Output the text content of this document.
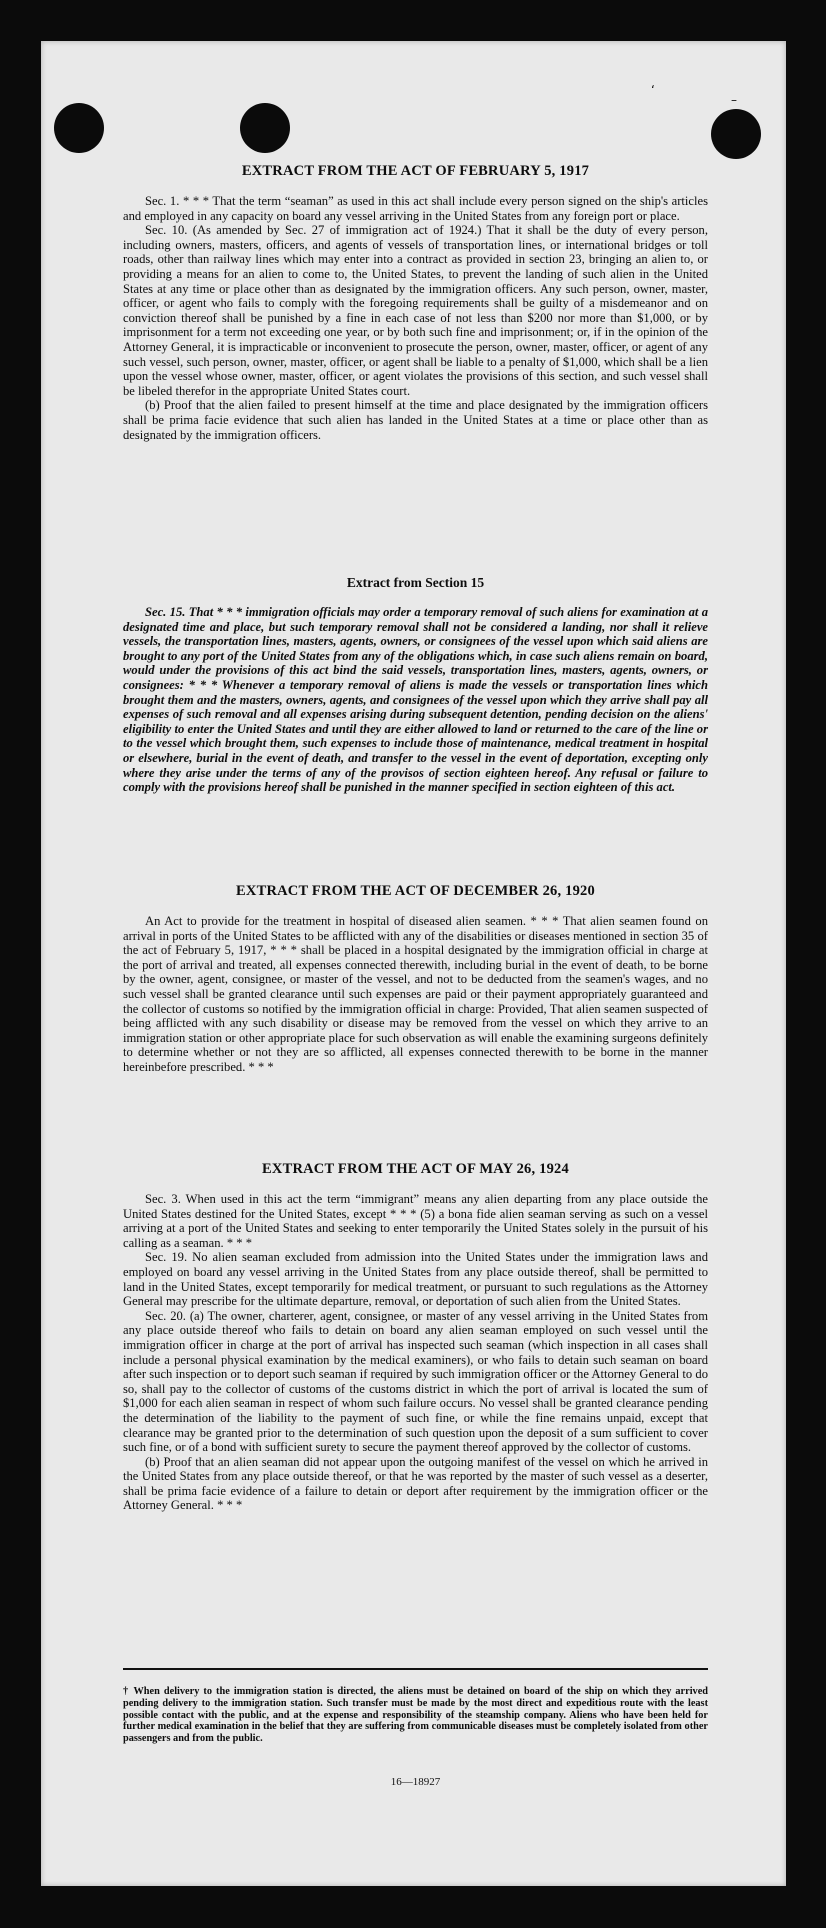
‘
–

EXTRACT FROM THE ACT OF FEBRUARY 5, 1917

Sec. 1. * * * That the term “seaman” as used in this act shall include every person signed on the ship's articles and employed in any capacity on board any vessel arriving in the United States from any foreign port or place.

Sec. 10. (As amended by Sec. 27 of immigration act of 1924.) That it shall be the duty of every person, including owners, masters, officers, and agents of vessels of transportation lines, or international bridges or toll roads, other than railway lines which may enter into a contract as provided in section 23, bringing an alien to, or providing a means for an alien to come to, the United States, to prevent the landing of such alien in the United States at any time or place other than as designated by the immigration officers. Any such person, owner, master, officer, or agent who fails to comply with the foregoing requirements shall be guilty of a misdemeanor and on conviction thereof shall be punished by a fine in each case of not less than $200 nor more than $1,000, or by imprisonment for a term not exceeding one year, or by both such fine and imprisonment; or, if in the opinion of the Attorney General, it is impracticable or inconvenient to prosecute the person, owner, master, officer, or agent of any such vessel, such person, owner, master, officer, or agent shall be liable to a penalty of $1,000, which shall be a lien upon the vessel whose owner, master, officer, or agent violates the provisions of this section, and such vessel shall be libeled therefor in the appropriate United States court.

(b) Proof that the alien failed to present himself at the time and place designated by the immigration officers shall be prima facie evidence that such alien has landed in the United States at a time or place other than as designated by the immigration officers.

Extract from Section 15

Sec. 15. That * * * immigration officials may order a temporary removal of such aliens for examination at a designated time and place, but such temporary removal shall not be considered a landing, nor shall it relieve vessels, the transportation lines, masters, agents, owners, or consignees of the vessel upon which said aliens are brought to any port of the United States from any of the obligations which, in case such aliens remain on board, would under the provisions of this act bind the said vessels, transportation lines, masters, agents, owners, or consignees: * * * Whenever a temporary removal of aliens is made the vessels or transportation lines which brought them and the masters, owners, agents, and consignees of the vessel upon which they arrive shall pay all expenses of such removal and all expenses arising during subsequent detention, pending decision on the aliens' eligibility to enter the United States and until they are either allowed to land or returned to the care of the line or to the vessel which brought them, such expenses to include those of maintenance, medical treatment in hospital or elsewhere, burial in the event of death, and transfer to the vessel in the event of deportation, excepting only where they arise under the terms of any of the provisos of section eighteen hereof. Any refusal or failure to comply with the provisions hereof shall be punished in the manner specified in section eighteen of this act.

EXTRACT FROM THE ACT OF DECEMBER 26, 1920

An Act to provide for the treatment in hospital of diseased alien seamen. * * * That alien seamen found on arrival in ports of the United States to be afflicted with any of the disabilities or diseases mentioned in section 35 of the act of February 5, 1917, * * * shall be placed in a hospital designated by the immigration official in charge at the port of arrival and treated, all expenses connected therewith, including burial in the event of death, to be borne by the owner, agent, consignee, or master of the vessel, and not to be deducted from the seamen's wages, and no such vessel shall be granted clearance until such expenses are paid or their payment appropriately guaranteed and the collector of customs so notified by the immigration official in charge: Provided, That alien seamen suspected of being afflicted with any such disability or disease may be removed from the vessel on which they arrive to an immigration station or other appropriate place for such observation as will enable the examining surgeons definitely to determine whether or not they are so afflicted, all expenses connected therewith to be borne in the manner hereinbefore prescribed. * * *

EXTRACT FROM THE ACT OF MAY 26, 1924

Sec. 3. When used in this act the term “immigrant” means any alien departing from any place outside the United States destined for the United States, except * * * (5) a bona fide alien seaman serving as such on a vessel arriving at a port of the United States and seeking to enter temporarily the United States solely in the pursuit of his calling as a seaman. * * *

Sec. 19. No alien seaman excluded from admission into the United States under the immigration laws and employed on board any vessel arriving in the United States from any place outside thereof, shall be permitted to land in the United States, except temporarily for medical treatment, or pursuant to such regulations as the Attorney General may prescribe for the ultimate departure, removal, or deportation of such alien from the United States.

Sec. 20. (a) The owner, charterer, agent, consignee, or master of any vessel arriving in the United States from any place outside thereof who fails to detain on board any alien seaman employed on such vessel until the immigration officer in charge at the port of arrival has inspected such seaman (which inspection in all cases shall include a personal physical examination by the medical examiners), or who fails to detain such seaman on board after such inspection or to deport such seaman if required by such immigration officer or the Attorney General to do so, shall pay to the collector of customs of the customs district in which the port of arrival is located the sum of $1,000 for each alien seaman in respect of whom such failure occurs. No vessel shall be granted clearance pending the determination of the liability to the payment of such fine, or while the fine remains unpaid, except that clearance may be granted prior to the determination of such question upon the deposit of a sum sufficient to cover such fine, or of a bond with sufficient surety to secure the payment thereof approved by the collector of customs.

(b) Proof that an alien seaman did not appear upon the outgoing manifest of the vessel on which he arrived in the United States from any place outside thereof, or that he was reported by the master of such vessel as a deserter, shall be prima facie evidence of a failure to detain or deport after requirement by the immigration officer or the Attorney General. * * *

† When delivery to the immigration station is directed, the aliens must be detained on board of the ship on which they arrived pending delivery to the immigration station. Such transfer must be made by the most direct and expeditious route with the least possible contact with the public, and at the expense and responsibility of the steamship company. Aliens who have been held for further medical examination in the belief that they are suffering from communicable diseases must be completely isolated from other passengers and from the public.

16—18927
